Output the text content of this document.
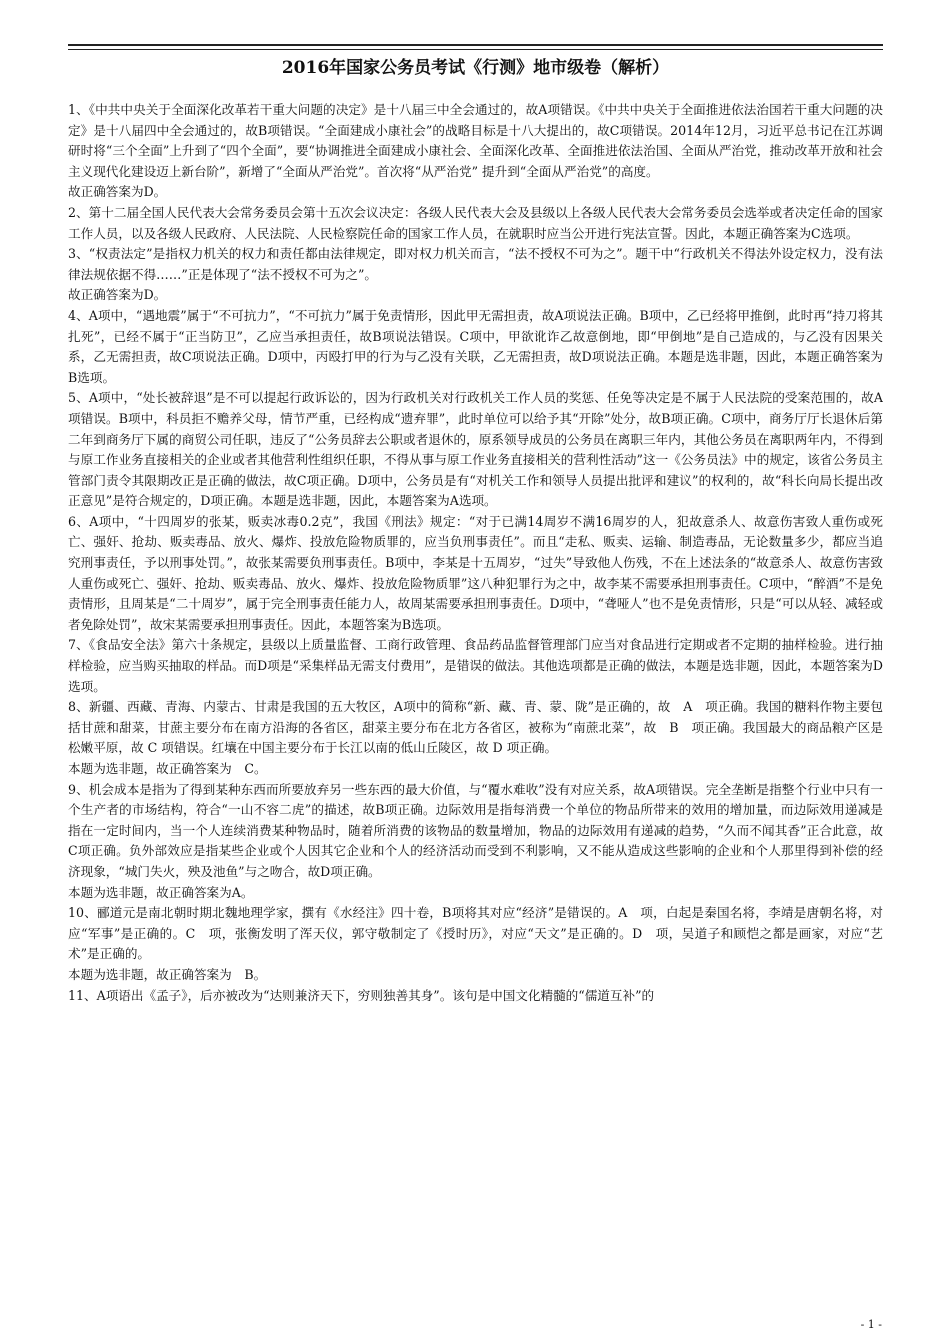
2016年国家公务员考试《行测》地市级卷（解析）

1、《中共中央关于全面深化改革若干重大问题的决定》是十八届三中全会通过的，故A项错误。《中共中央关于全面推进依法治国若干重大问题的决定》是十八届四中全会通过的，故B项错误。“全面建成小康社会”的战略目标是十八大提出的，故C项错误。2014年12月，习近平总书记在江苏调研时将“三个全面”上升到了“四个全面”，要“协调推进全面建成小康社会、全面深化改革、全面推进依法治国、全面从严治党，推动改革开放和社会主义现代化建设迈上新台阶”，新增了“全面从严治党”。首次将“从严治党” 提升到“全面从严治党”的高度。

故正确答案为D。

2、第十二届全国人民代表大会常务委员会第十五次会议决定：各级人民代表大会及县级以上各级人民代表大会常务委员会选举或者决定任命的国家工作人员，以及各级人民政府、人民法院、人民检察院任命的国家工作人员，在就职时应当公开进行宪法宣誓。因此，本题正确答案为C选项。

3、“权责法定”是指权力机关的权力和责任都由法律规定，即对权力机关而言，“法不授权不可为之”。题干中“行政机关不得法外设定权力，没有法律法规依据不得……”正是体现了“法不授权不可为之”。

故正确答案为D。

4、A项中，“遇地震”属于“不可抗力”，“不可抗力”属于免责情形，因此甲无需担责，故A项说法正确。B项中，乙已经将甲推倒，此时再“持刀将其扎死”，已经不属于“正当防卫”，乙应当承担责任，故B项说法错误。C项中，甲欲讹诈乙故意倒地，即“甲倒地”是自己造成的，与乙没有因果关系，乙无需担责，故C项说法正确。D项中，丙殴打甲的行为与乙没有关联，乙无需担责，故D项说法正确。本题是选非题，因此，本题正确答案为B选项。

5、A项中，“处长被辞退”是不可以提起行政诉讼的，因为行政机关对行政机关工作人员的奖惩、任免等决定是不属于人民法院的受案范围的，故A项错误。B项中，科员拒不赡养父母，情节严重，已经构成“遗弃罪”，此时单位可以给予其“开除”处分，故B项正确。C项中，商务厅厅长退休后第二年到商务厅下属的商贸公司任职，违反了“公务员辞去公职或者退休的，原系领导成员的公务员在离职三年内，其他公务员在离职两年内，不得到与原工作业务直接相关的企业或者其他营利性组织任职，不得从事与原工作业务直接相关的营利性活动”这一《公务员法》中的规定，该省公务员主管部门责令其限期改正是正确的做法，故C项正确。D项中，公务员是有“对机关工作和领导人员提出批评和建议”的权利的，故“科长向局长提出改正意见”是符合规定的，D项正确。本题是选非题，因此，本题答案为A选项。

6、A项中，“十四周岁的张某，贩卖冰毒0.2克”，我国《刑法》规定：“对于已满14周岁不满16周岁的人，犯故意杀人、故意伤害致人重伤或死亡、强奸、抢劫、贩卖毒品、放火、爆炸、投放危险物质罪的，应当负刑事责任”。而且“走私、贩卖、运输、制造毒品，无论数量多少，都应当追究刑事责任，予以刑事处罚。”，故张某需要负刑事责任。B项中，李某是十五周岁，“过失”导致他人伤残，不在上述法条的“故意杀人、故意伤害致人重伤或死亡、强奸、抢劫、贩卖毒品、放火、爆炸、投放危险物质罪”这八种犯罪行为之中，故李某不需要承担刑事责任。C项中，“醉酒”不是免责情形，且周某是“二十周岁”，属于完全刑事责任能力人，故周某需要承担刑事责任。D项中，“聋哑人”也不是免责情形，只是“可以从轻、减轻或者免除处罚”，故宋某需要承担刑事责任。因此，本题答案为B选项。

7、《食品安全法》第六十条规定，县级以上质量监督、工商行政管理、食品药品监督管理部门应当对食品进行定期或者不定期的抽样检验。进行抽样检验，应当购买抽取的样品。而D项是“采集样品无需支付费用”，是错误的做法。其他选项都是正确的做法，本题是选非题，因此，本题答案为D选项。

8、新疆、西藏、青海、内蒙古、甘肃是我国的五大牧区，A项中的简称“新、藏、青、蒙、陇”是正确的，故　A　项正确。我国的糖料作物主要包括甘蔗和甜菜，甘蔗主要分布在南方沿海的各省区，甜菜主要分布在北方各省区，被称为“南蔗北菜”，故　B　项正确。我国最大的商品粮产区是松嫩平原，故 C 项错误。红壤在中国主要分布于长江以南的低山丘陵区，故 D 项正确。

本题为选非题，故正确答案为　C。

9、机会成本是指为了得到某种东西而所要放弃另一些东西的最大价值，与“覆水难收”没有对应关系，故A项错误。完全垄断是指整个行业中只有一个生产者的市场结构，符合“一山不容二虎”的描述，故B项正确。边际效用是指每消费一个单位的物品所带来的效用的增加量，而边际效用递减是指在一定时间内，当一个人连续消费某种物品时，随着所消费的该物品的数量增加，物品的边际效用有递减的趋势，“久而不闻其香”正合此意，故C项正确。负外部效应是指某些企业或个人因其它企业和个人的经济活动而受到不利影响，又不能从造成这些影响的企业和个人那里得到补偿的经济现象，“城门失火，殃及池鱼”与之吻合，故D项正确。

本题为选非题，故正确答案为A。

10、郦道元是南北朝时期北魏地理学家，撰有《水经注》四十卷，B项将其对应“经济”是错误的。A　项，白起是秦国名将，李靖是唐朝名将，对应“军事”是正确的。C　项，张衡发明了浑天仪，郭守敬制定了《授时历》，对应“天文”是正确的。D　项，吴道子和顾恺之都是画家，对应“艺术”是正确的。

本题为选非题，故正确答案为　B。

11、A项语出《孟子》，后亦被改为“达则兼济天下，穷则独善其身”。该句是中国文化精髓的“儒道互补”的

- 1 -
